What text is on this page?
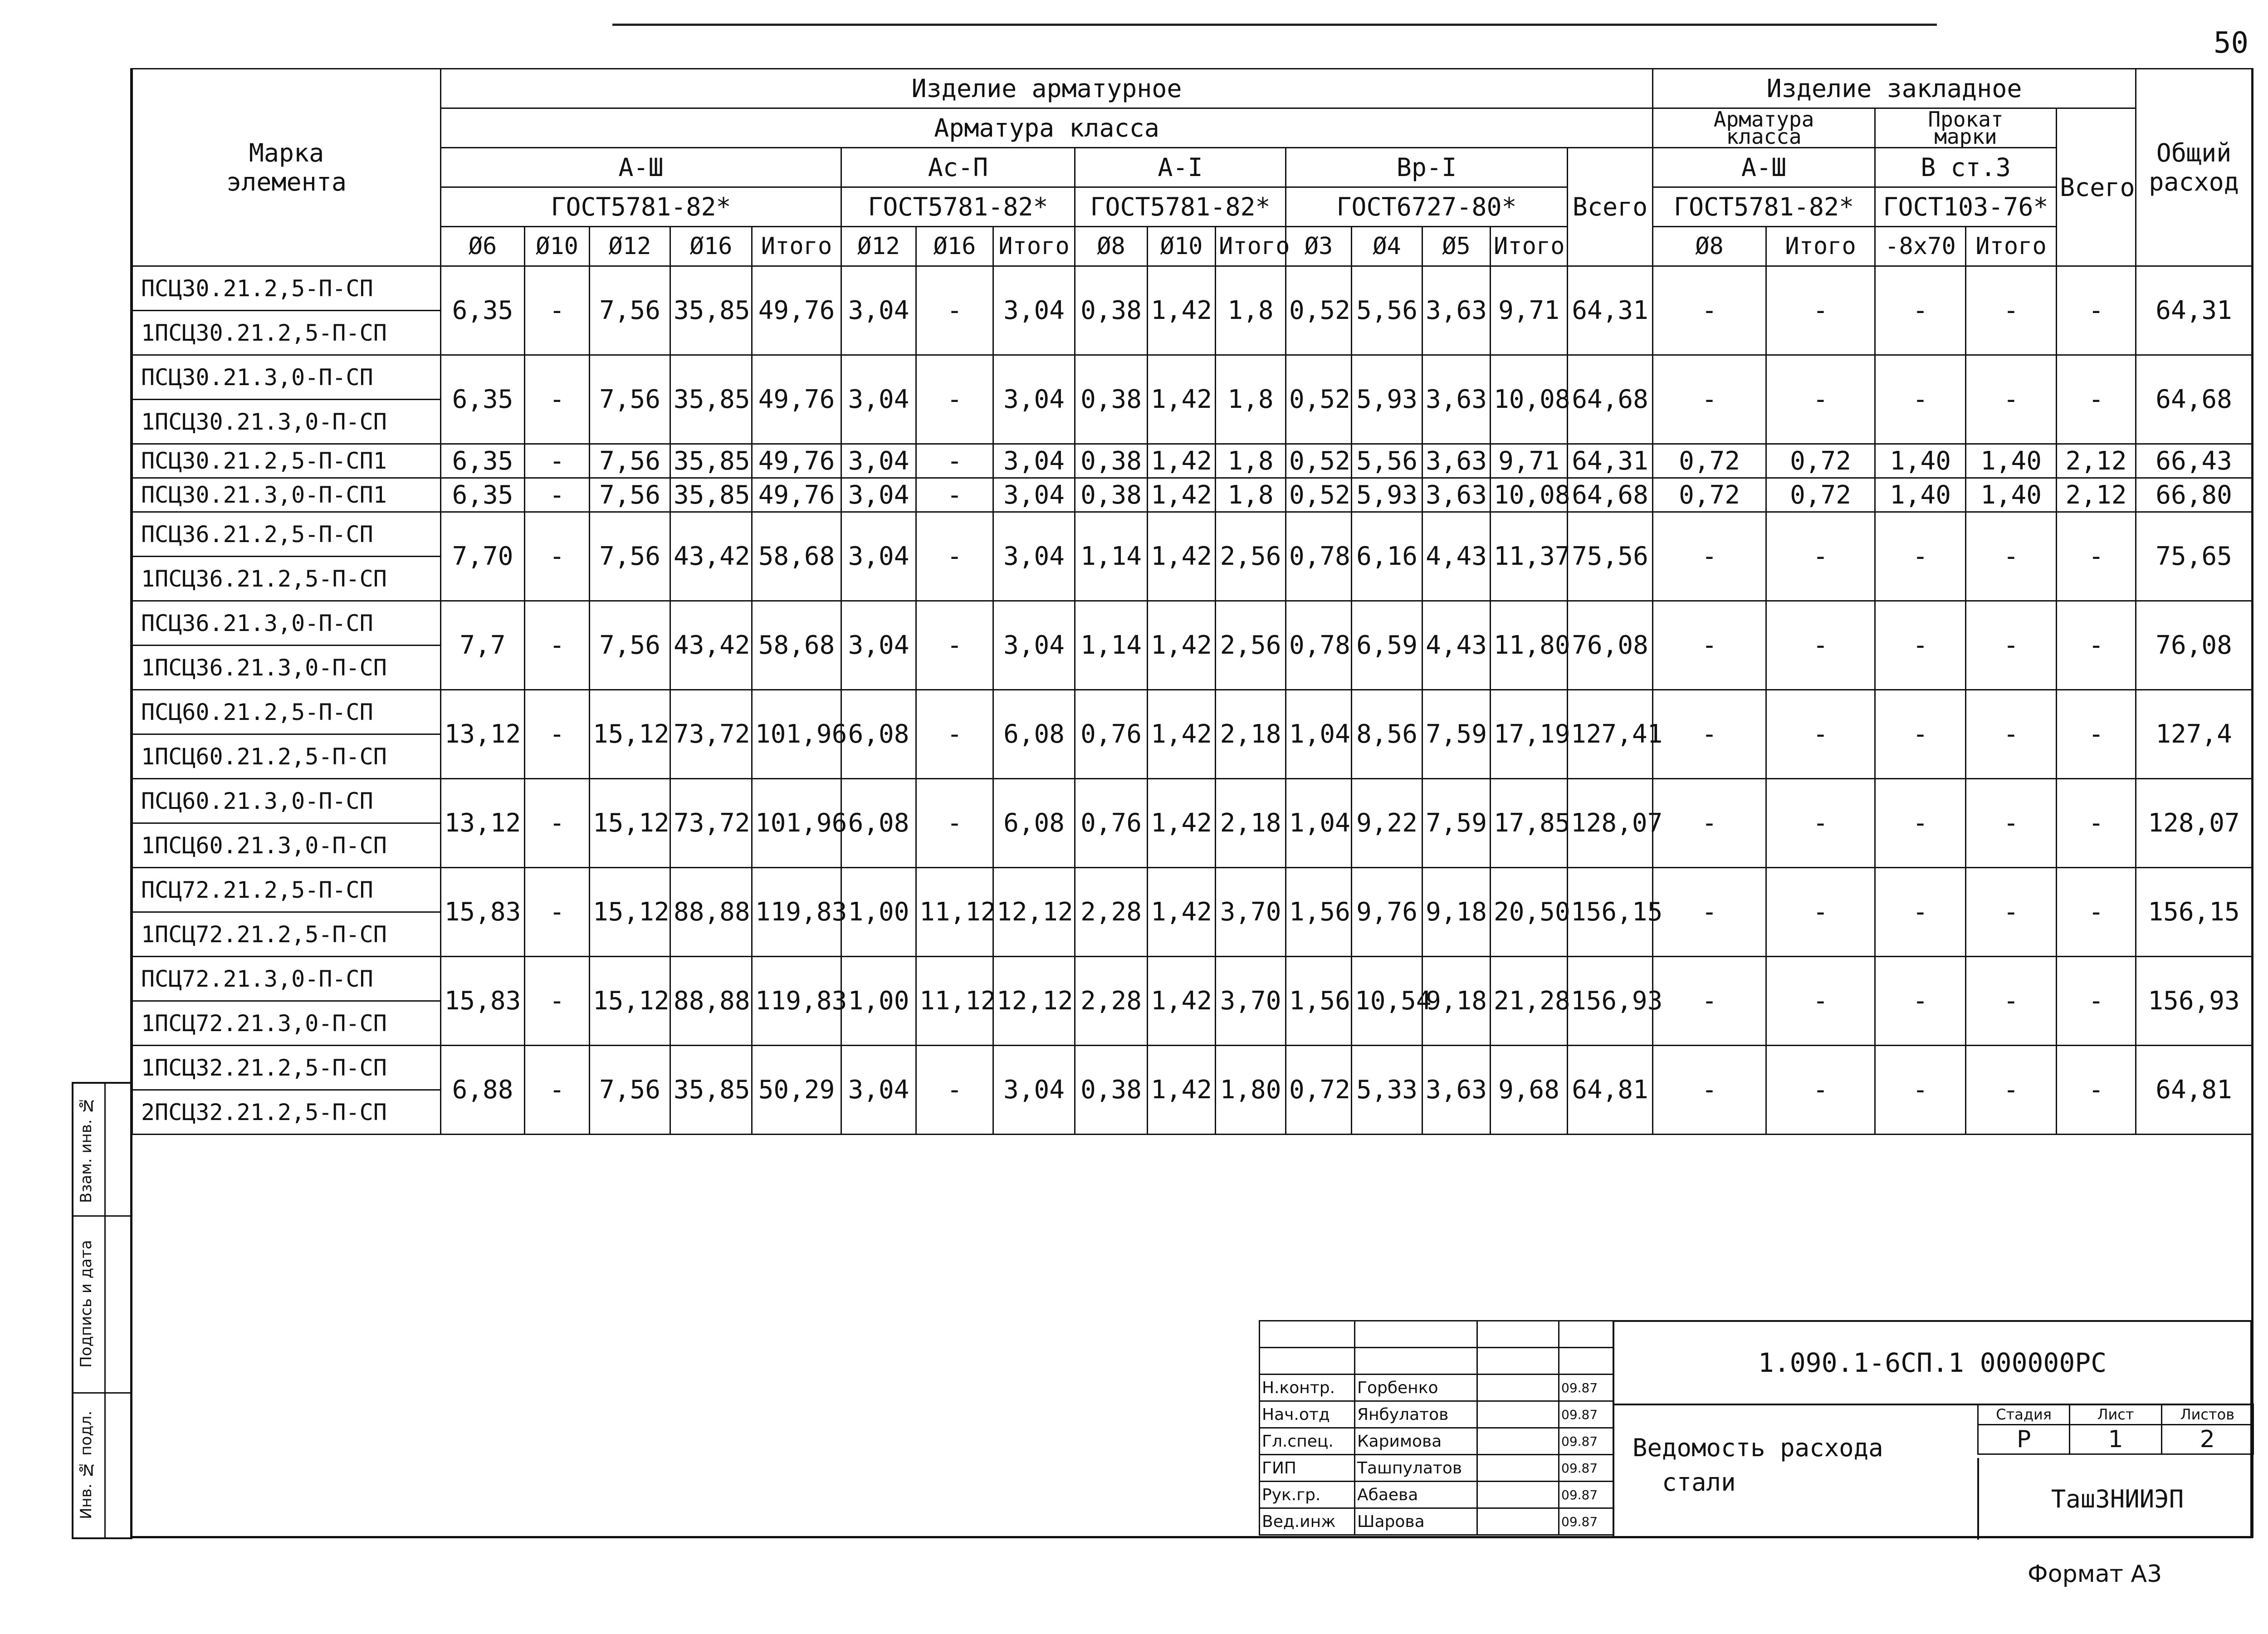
50
Марка
элемента	Изделие арматурное																Изделие закладное					Общий
расход
	Арматура класса																Арматура
класса		Прокат
марки		Всего	
	А-Ш					Ас-П			А-I			Вр-I				Всего	А-Ш		В ст.3			
	ГОСТ5781-82*					ГОСТ5781-82*			ГОСТ5781-82*			ГОСТ6727-80*					ГОСТ5781-82*		ГОСТ103-76*			
	Ø6	Ø10	Ø12	Ø16	Итого	Ø12	Ø16	Итого	Ø8	Ø10	Итого	Ø3	Ø4	Ø5	Итого		Ø8	Итого	-8x70	Итого		
ПСЦ30.21.2,5-П-СП	6,35	-	7,56	35,85	49,76	3,04	-	3,04	0,38	1,42	1,8	0,52	5,56	3,63	9,71	64,31	-	-	-	-	-	64,31
1ПСЦ30.21.2,5-П-СП																						
ПСЦ30.21.3,0-П-СП	6,35	-	7,56	35,85	49,76	3,04	-	3,04	0,38	1,42	1,8	0,52	5,93	3,63	10,08	64,68	-	-	-	-	-	64,68
1ПСЦ30.21.3,0-П-СП																						
ПСЦ30.21.2,5-П-СП1	6,35	-	7,56	35,85	49,76	3,04	-	3,04	0,38	1,42	1,8	0,52	5,56	3,63	9,71	64,31	0,72	0,72	1,40	1,40	2,12	66,43
ПСЦ30.21.3,0-П-СП1	6,35	-	7,56	35,85	49,76	3,04	-	3,04	0,38	1,42	1,8	0,52	5,93	3,63	10,08	64,68	0,72	0,72	1,40	1,40	2,12	66,80
ПСЦ36.21.2,5-П-СП	7,70	-	7,56	43,42	58,68	3,04	-	3,04	1,14	1,42	2,56	0,78	6,16	4,43	11,37	75,56	-	-	-	-	-	75,65
1ПСЦ36.21.2,5-П-СП																						
ПСЦ36.21.3,0-П-СП	7,7	-	7,56	43,42	58,68	3,04	-	3,04	1,14	1,42	2,56	0,78	6,59	4,43	11,80	76,08	-	-	-	-	-	76,08
1ПСЦ36.21.3,0-П-СП																						
ПСЦ60.21.2,5-П-СП	13,12	-	15,12	73,72	101,96	6,08	-	6,08	0,76	1,42	2,18	1,04	8,56	7,59	17,19	127,41	-	-	-	-	-	127,4
1ПСЦ60.21.2,5-П-СП																						
ПСЦ60.21.3,0-П-СП	13,12	-	15,12	73,72	101,96	6,08	-	6,08	0,76	1,42	2,18	1,04	9,22	7,59	17,85	128,07	-	-	-	-	-	128,07
1ПСЦ60.21.3,0-П-СП																						
ПСЦ72.21.2,5-П-СП	15,83	-	15,12	88,88	119,83	1,00	11,12	12,12	2,28	1,42	3,70	1,56	9,76	9,18	20,50	156,15	-	-	-	-	-	156,15
1ПСЦ72.21.2,5-П-СП																						
ПСЦ72.21.3,0-П-СП	15,83	-	15,12	88,88	119,83	1,00	11,12	12,12	2,28	1,42	3,70	1,56	10,54	9,18	21,28	156,93	-	-	-	-	-	156,93
1ПСЦ72.21.3,0-П-СП																						
1ПСЦ32.21.2,5-П-СП	6,88	-	7,56	35,85	50,29	3,04	-	3,04	0,38	1,42	1,80	0,72	5,33	3,63	9,68	64,81	-	-	-	-	-	64,81
2ПСЦ32.21.2,5-П-СП																						
Взам. инв. №
Подпись и дата
Инв. № подл.

Н.контр.	Горбенко		09.87
Нач.отд	Янбулатов		09.87
Гл.спец.	Каримова		09.87
ГИП	Ташпулатов		09.87
Рук.гр.	Абаева		09.87
Вед.инж	Шарова		09.87
1.090.1-6СП.1 000000РС
Ведомость расхода
стали
Стадия	Лист	Листов
Р	1	2
ТашЗНИИЭП
Формат А3
